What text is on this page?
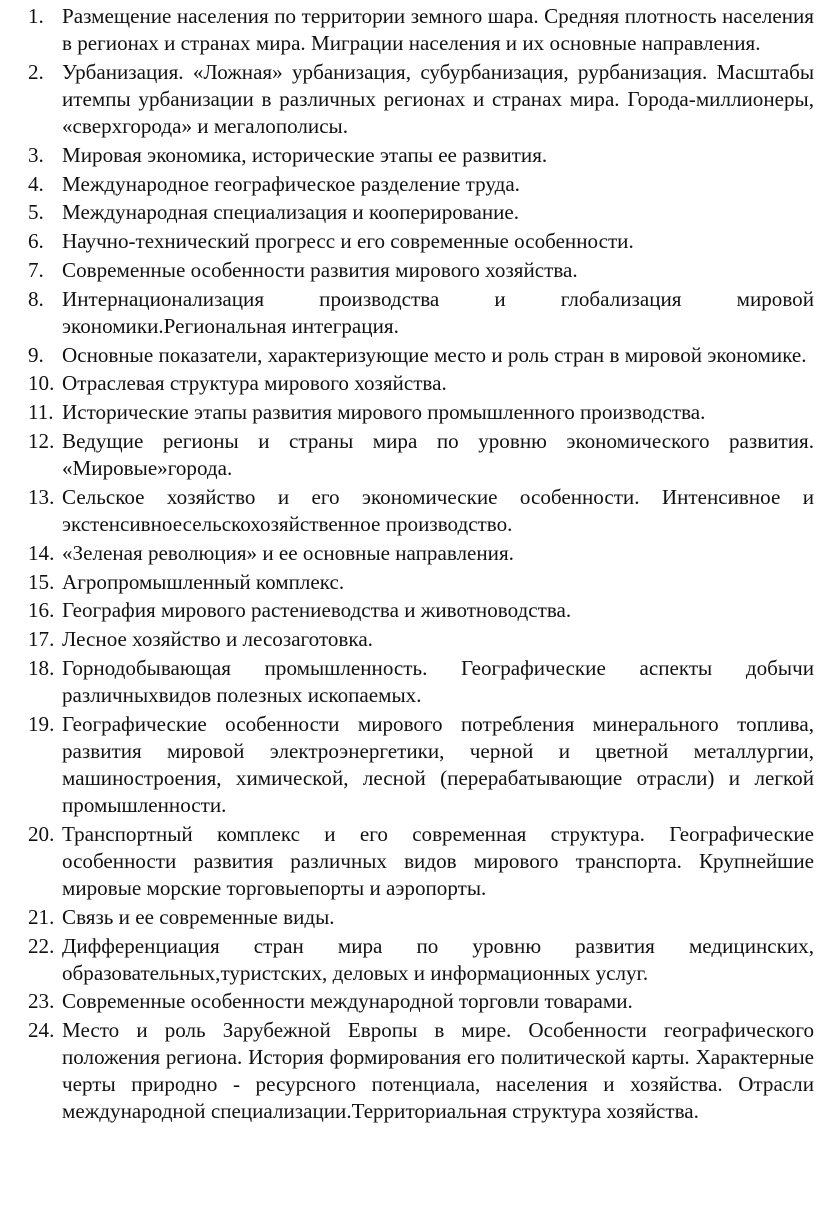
1. Размещение населения по территории земного шара. Средняя плотность населения в регионах и странах мира. Миграции населения и их основные направления.
2. Урбанизация. «Ложная» урбанизация, субурбанизация, рурбанизация. Масштабы итемпы урбанизации в различных регионах и странах мира. Города-миллионеры, «сверхгорода» и мегалополисы.
3. Мировая экономика, исторические этапы ее развития.
4. Международное географическое разделение труда.
5. Международная специализация и кооперирование.
6. Научно-технический прогресс и его современные особенности.
7. Современные особенности развития мирового хозяйства.
8. Интернационализация производства и глобализация мировой экономики.Региональная интеграция.
9. Основные показатели, характеризующие место и роль стран в мировой экономике.
10. Отраслевая структура мирового хозяйства.
11. Исторические этапы развития мирового промышленного производства.
12. Ведущие регионы и страны мира по уровню экономического развития. «Мировые»города.
13. Сельское хозяйство и его экономические особенности. Интенсивное и экстенсивноесельскохозяйственное производство.
14. «Зеленая революция» и ее основные направления.
15. Агропромышленный комплекс.
16. География мирового растениеводства и животноводства.
17. Лесное хозяйство и лесозаготовка.
18. Горнодобывающая промышленность. Географические аспекты добычи различныхвидов полезных ископаемых.
19. Географические особенности мирового потребления минерального топлива, развития мировой электроэнергетики, черной и цветной металлургии, машиностроения, химической, лесной (перерабатывающие отрасли) и легкой промышленности.
20. Транспортный комплекс и его современная структура. Географические особенности развития различных видов мирового транспорта. Крупнейшие мировые морские торговыепорты и аэропорты.
21. Связь и ее современные виды.
22. Дифференциация стран мира по уровню развития медицинских, образовательных,туристских, деловых и информационных услуг.
23. Современные особенности международной торговли товарами.
24. Место и роль Зарубежной Европы в мире. Особенности географического положения региона. История формирования его политической карты. Характерные черты природно - ресурсного потенциала, населения и хозяйства. Отрасли международной специализации.Территориальная структура хозяйства.
